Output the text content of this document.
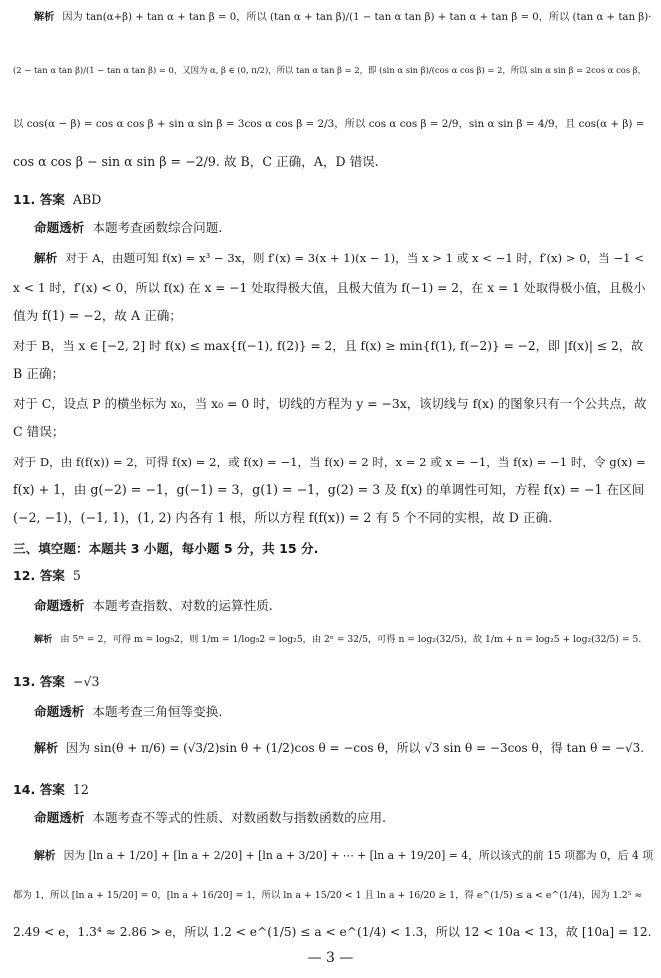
解析 因为 tan(α+β) + tan α + tan β = 0，所以 (tan α + tan β)/(1 − tan α tan β) + tan α + tan β = 0，所以 (tan α + tan β)·
(2 − tan α tan β)/(1 − tan α tan β) = 0，又因为 α, β ∈ (0, π/2)，所以 tan α tan β = 2，即 (sin α sin β)/(cos α cos β) = 2，所以 sin α sin β = 2cos α cos β，
以 cos(α − β) = cos α cos β + sin α sin β = 3cos α cos β = 2/3，所以 cos α cos β = 2/9，sin α sin β = 4/9，且 cos(α + β) =
cos α cos β − sin α sin β = −2/9. 故 B，C 正确，A，D 错误.
11. 答案 ABD
命题透析 本题考查函数综合问题.
解析 对于 A，由题可知 f(x) = x³ − 3x，则 f′(x) = 3(x + 1)(x − 1)，当 x > 1 或 x < −1 时，f′(x) > 0，当 −1 <
x < 1 时，f′(x) < 0，所以 f(x) 在 x = −1 处取得极大值，且极大值为 f(−1) = 2，在 x = 1 处取得极小值，且极小
值为 f(1) = −2，故 A 正确；
对于 B，当 x ∈ [−2, 2] 时 f(x) ≤ max{f(−1), f(2)} = 2，且 f(x) ≥ min{f(1), f(−2)} = −2，即 |f(x)| ≤ 2，故
B 正确；
对于 C，设点 P 的横坐标为 x₀，当 x₀ = 0 时，切线的方程为 y = −3x，该切线与 f(x) 的图象只有一个公共点，故
C 错误；
对于 D，由 f(f(x)) = 2，可得 f(x) = 2，或 f(x) = −1，当 f(x) = 2 时，x = 2 或 x = −1，当 f(x) = −1 时，令 g(x) =
f(x) + 1，由 g(−2) = −1，g(−1) = 3，g(1) = −1，g(2) = 3 及 f(x) 的单调性可知，方程 f(x) = −1 在区间
(−2, −1)，(−1, 1)，(1, 2) 内各有 1 根，所以方程 f(f(x)) = 2 有 5 个不同的实根，故 D 正确.
三、填空题：本题共 3 小题，每小题 5 分，共 15 分.
12. 答案 5
命题透析 本题考查指数、对数的运算性质.
解析 由 5ᵐ = 2，可得 m = log₅2，则 1/m = 1/log₅2 = log₂5，由 2ⁿ = 32/5，可得 n = log₂(32/5)，故 1/m + n = log₂5 + log₂(32/5) = 5.
13. 答案 −√3
命题透析 本题考查三角恒等变换.
解析 因为 sin(θ + π/6) = (√3/2)sin θ + (1/2)cos θ = −cos θ，所以 √3 sin θ = −3cos θ，得 tan θ = −√3.
14. 答案 12
命题透析 本题考查不等式的性质、对数函数与指数函数的应用.
解析 因为 [ln a + 1/20] + [ln a + 2/20] + [ln a + 3/20] + ⋯ + [ln a + 19/20] = 4，所以该式的前 15 项都为 0，后 4 项
都为 1，所以 [ln a + 15/20] = 0，[ln a + 16/20] = 1，所以 ln a + 15/20 < 1 且 ln a + 16/20 ≥ 1，得 e^(1/5) ≤ a < e^(1/4)，因为 1.2⁵ ≈
2.49 < e，1.3⁴ ≈ 2.86 > e，所以 1.2 < e^(1/5) ≤ a < e^(1/4) < 1.3，所以 12 < 10a < 13，故 [10a] = 12.
— 3 —
